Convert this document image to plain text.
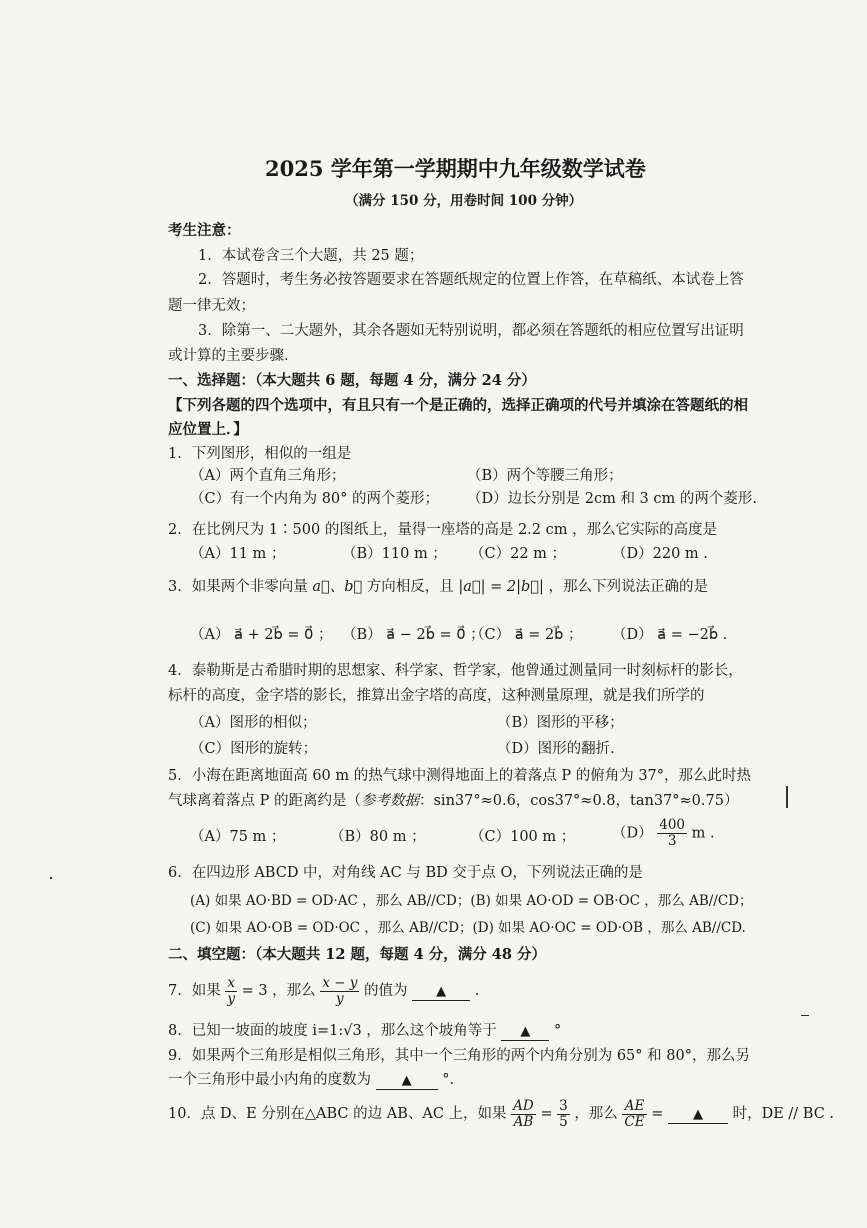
2025 学年第一学期期中九年级数学试卷
（满分 150 分，用卷时间 100 分钟）
考生注意：
1．本试卷含三个大题，共 25 题；
2．答题时，考生务必按答题要求在答题纸规定的位置上作答，在草稿纸、本试卷上答
题一律无效；
3．除第一、二大题外，其余各题如无特别说明，都必须在答题纸的相应位置写出证明
或计算的主要步骤．
一、选择题：（本大题共 6 题，每题 4 分，满分 24 分）
【下列各题的四个选项中，有且只有一个是正确的，选择正确项的代号并填涂在答题纸的相
应位置上．】
1．下列图形，相似的一组是
（A）两个直角三角形；	（B）两个等腰三角形；
（C）有一个内角为 80° 的两个菱形； （D）边长分别是 2cm 和 3 cm 的两个菱形.
2．在比例尺为 1∶500 的图纸上，量得一座塔的高是 2.2 cm ，那么它实际的高度是
（A）11 m ；	（B）110 m ； （C）22 m ；	（D）220 m .
3．如果两个非零向量 a⃗、b⃗ 方向相反，且 |a⃗| = 2|b⃗| ，那么下列说法正确的是
（A） a⃗ + 2b⃗ = 0⃗ ； （B） a⃗ − 2b⃗ = 0⃗ ；
（C） a⃗ = 2b⃗ ； （D） a⃗ = −2b⃗ .
4．泰勒斯是古希腊时期的思想家、科学家、哲学家，他曾通过测量同一时刻标杆的影长，
标杆的高度，金字塔的影长，推算出金字塔的高度，这种测量原理，就是我们所学的
（A）图形的相似；	（B）图形的平移；
（C）图形的旋转；	（D）图形的翻折.
5．小海在距离地面高 60 m 的热气球中测得地面上的着落点 P 的俯角为 37°，那么此时热
气球离着落点 P 的距离约是（参考数据：sin37°≈0.6，cos37°≈0.8，tan37°≈0.75）
（A）75 m ；	（B）80 m ；	（C）100 m ；	$(D) \frac{400}{3}$ m .
6．在四边形 ABCD 中，对角线 AC 与 BD 交于点 O，下列说法正确的是
(A) 如果 AO·BD = OD·AC ，那么 AB//CD；(B) 如果 AO·OD = OB·OC ，那么 AB//CD；
(C) 如果 AO·OB = OD·OC ，那么 AB//CD；(D) 如果 AO·OC = OD·OB ，那么 AB//CD.
二、填空题：（本大题共 12 题，每题 4 分，满分 48 分）
7．如果 $\frac{x}{y} = 3$ ，那么 $\frac{x - y}{y}$ 的值为 ▲ .
8．已知一坡面的坡度 i=1:√3 ，那么这个坡角等于 ▲ °
9．如果两个三角形是相似三角形，其中一个三角形的两个内角分别为 65° 和 80°，那么另
一个三角形中最小内角的度数为 ▲ °.
10．点 D、E 分别在△ABC 的边 AB、AC 上，如果 $\frac{AD}{AB} = \frac{3}{5}$ ，那么 $\frac{AE}{CE}$ = ▲ 时，DE // BC .
